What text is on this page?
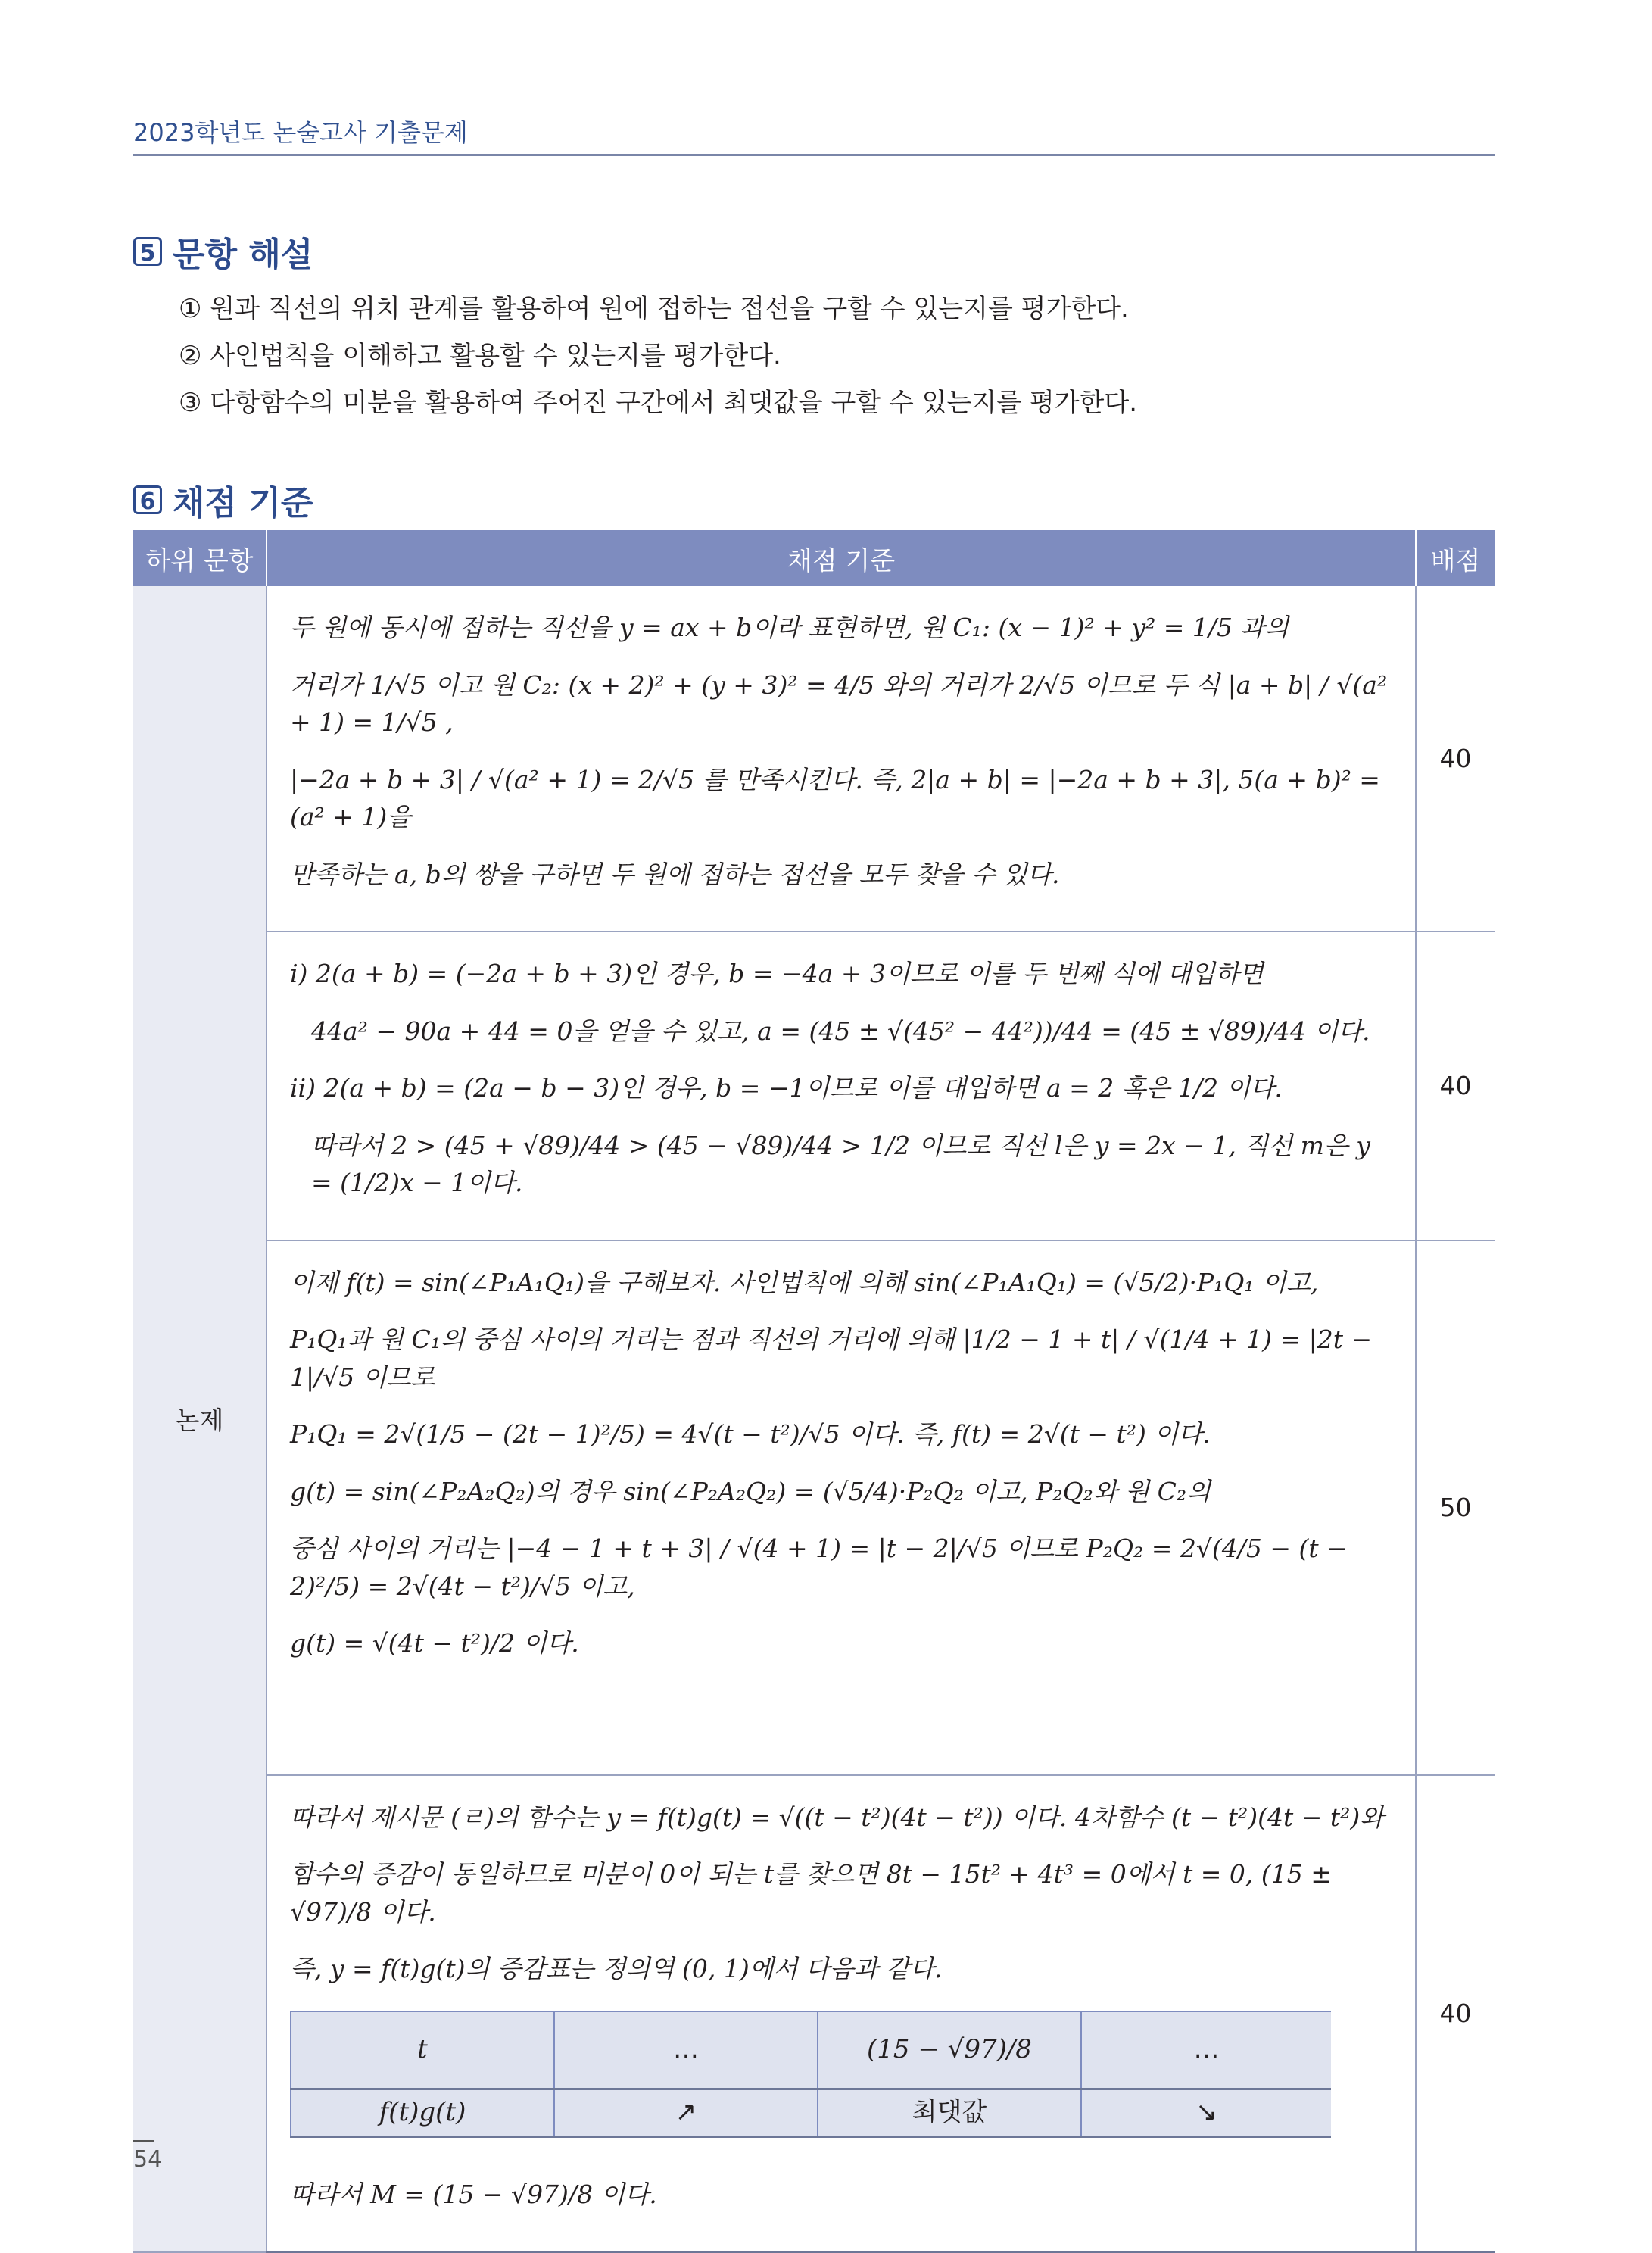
2023학년도 논술고사 기출문제
5 문항 해설
① 원과 직선의 위치 관계를 활용하여 원에 접하는 접선을 구할 수 있는지를 평가한다.
② 사인법칙을 이해하고 활용할 수 있는지를 평가한다.
③ 다항함수의 미분을 활용하여 주어진 구간에서 최댓값을 구할 수 있는지를 평가한다.
6 채점 기준
하위 문항	채점 기준	배점
논제	
두 원에 동시에 접하는 직선을 y = ax + b이라 표현하면, 원 C₁: (x − 1)² + y² = 1/5 과의
거리가 1/√5 이고 원 C₂: (x + 2)² + (y + 3)² = 4/5 와의 거리가 2/√5 이므로 두 식 |a + b| / √(a² + 1) = 1/√5 ,
|−2a + b + 3| / √(a² + 1) = 2/√5 를 만족시킨다. 즉, 2|a + b| = |−2a + b + 3|, 5(a + b)² = (a² + 1)을
만족하는 a, b의 쌍을 구하면 두 원에 접하는 접선을 모두 찾을 수 있다.
	40

i) 2(a + b) = (−2a + b + 3)인 경우, b = −4a + 3이므로 이를 두 번째 식에 대입하면
44a² − 90a + 44 = 0을 얻을 수 있고, a = (45 ± √(45² − 44²))/44 = (45 ± √89)/44 이다.
ii) 2(a + b) = (2a − b − 3)인 경우, b = −1이므로 이를 대입하면 a = 2 혹은 1/2 이다.
따라서 2 > (45 + √89)/44 > (45 − √89)/44 > 1/2 이므로 직선 l은 y = 2x − 1, 직선 m은 y = (1/2)x − 1이다.
	40

이제 f(t) = sin(∠P₁A₁Q₁)을 구해보자. 사인법칙에 의해 sin(∠P₁A₁Q₁) = (√5/2)·P₁Q₁ 이고,
P₁Q₁과 원 C₁의 중심 사이의 거리는 점과 직선의 거리에 의해 |1/2 − 1 + t| / √(1/4 + 1) = |2t − 1|/√5 이므로
P₁Q₁ = 2√(1/5 − (2t − 1)²/5) = 4√(t − t²)/√5 이다. 즉, f(t) = 2√(t − t²) 이다.
g(t) = sin(∠P₂A₂Q₂)의 경우 sin(∠P₂A₂Q₂) = (√5/4)·P₂Q₂ 이고, P₂Q₂와 원 C₂의
중심 사이의 거리는 |−4 − 1 + t + 3| / √(4 + 1) = |t − 2|/√5 이므로 P₂Q₂ = 2√(4/5 − (t − 2)²/5) = 2√(4t − t²)/√5 이고,
g(t) = √(4t − t²)/2 이다.
	50

따라서 제시문 (ㄹ)의 함수는 y = f(t)g(t) = √((t − t²)(4t − t²)) 이다. 4차함수 (t − t²)(4t − t²)와
함수의 증감이 동일하므로 미분이 0이 되는 t를 찾으면 8t − 15t² + 4t³ = 0에서 t = 0, (15 ± √97)/8 이다.
즉, y = f(t)g(t)의 증감표는 정의역 (0, 1)에서 다음과 같다.
t	…	(15 − √97)/8	…
f(t)g(t)	↗	최댓값	↘
따라서 M = (15 − √97)/8 이다.
	40
54
